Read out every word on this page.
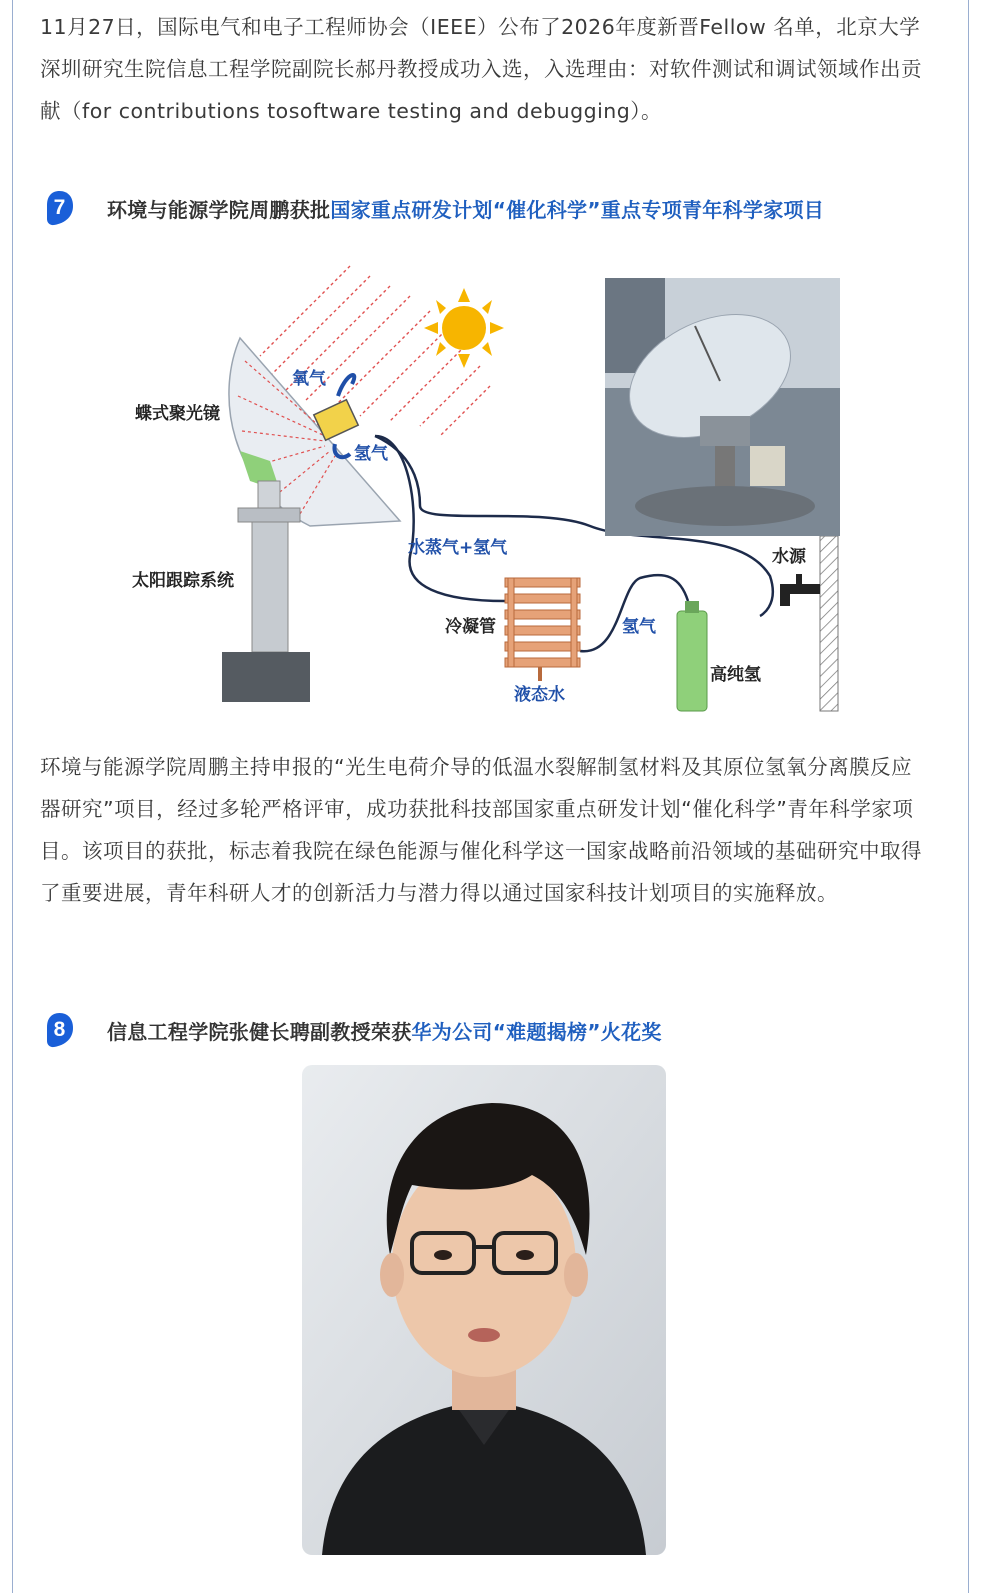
11月27日，国际电气和电子工程师协会（IEEE）公布了2026年度新晋Fellow 名单，北京大学深圳研究生院信息工程学院副院长郝丹教授成功入选，入选理由：对软件测试和调试领域作出贡献（for contributions tosoftware testing and debugging）。

7	环境与能源学院周鹏获批国家重点研发计划“催化科学”重点专项青年科学家项目
蝶式聚光镜
太阳跟踪系统
氧气
氢气
水蒸气+氢气	水源
冷凝管	氢气
液态水
高纯氢

环境与能源学院周鹏主持申报的“光生电荷介导的低温水裂解制氢材料及其原位氢氧分离膜反应器研究”项目，经过多轮严格评审，成功获批科技部国家重点研发计划“催化科学”青年科学家项目。该项目的获批，标志着我院在绿色能源与催化科学这一国家战略前沿领域的基础研究中取得了重要进展，青年科研人才的创新活力与潜力得以通过国家科技计划项目的实施释放。

8	信息工程学院张健长聘副教授荣获华为公司“难题揭榜”火花奖
